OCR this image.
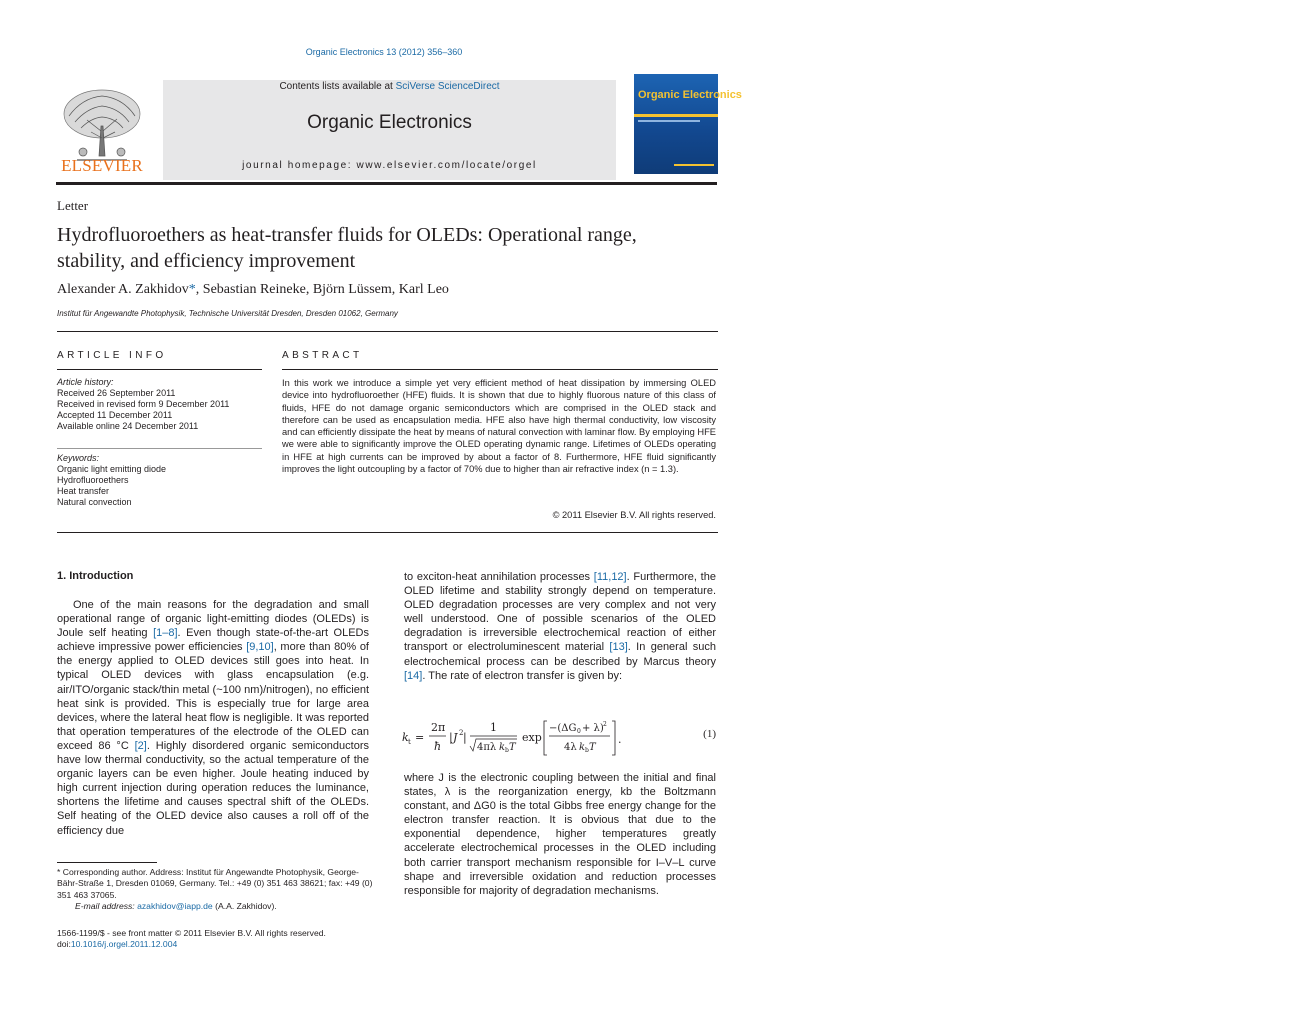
Organic Electronics 13 (2012) 356–360
ELSEVIER
Contents lists available at SciVerse ScienceDirect
Organic Electronics
journal homepage: www.elsevier.com/locate/orgel
Organic Electronics
Letter
Hydrofluoroethers as heat-transfer fluids for OLEDs: Operational range,
stability, and efficiency improvement
Alexander A. Zakhidov*, Sebastian Reineke, Björn Lüssem, Karl Leo
Institut für Angewandte Photophysik, Technische Universität Dresden, Dresden 01062, Germany
ARTICLE INFO
Article history:
Received 26 September 2011
Received in revised form 9 December 2011
Accepted 11 December 2011
Available online 24 December 2011
Keywords:
Organic light emitting diode
Hydrofluoroethers
Heat transfer
Natural convection
ABSTRACT
In this work we introduce a simple yet very efficient method of heat dissipation by immersing OLED device into hydrofluoroether (HFE) fluids. It is shown that due to highly fluorous nature of this class of fluids, HFE do not damage organic semiconductors which are comprised in the OLED stack and therefore can be used as encapsulation media. HFE also have high thermal conductivity, low viscosity and can efficiently dissipate the heat by means of natural convection with laminar flow. By employing HFE we were able to significantly improve the OLED operating dynamic range. Lifetimes of OLEDs operating in HFE at high currents can be improved by about a factor of 8. Furthermore, HFE fluid significantly improves the light outcoupling by a factor of 70% due to higher than air refractive index (n = 1.3).
© 2011 Elsevier B.V. All rights reserved.
1. Introduction

One of the main reasons for the degradation and small operational range of organic light-emitting diodes (OLEDs) is Joule self heating [1–8]. Even though state-of-the-art OLEDs achieve impressive power efficiencies [9,10], more than 80% of the energy applied to OLED devices still goes into heat. In typical OLED devices with glass encapsulation (e.g. air/ITO/organic stack/thin metal (~100 nm)/nitrogen), no efficient heat sink is provided. This is especially true for large area devices, where the lateral heat flow is negligible. It was reported that operation temperatures of the electrode of the OLED can exceed 86 °C [2]. Highly disordered organic semiconductors have low thermal conductivity, so the actual temperature of the organic layers can be even higher. Joule heating induced by high current injection during operation reduces the luminance, shortens the lifetime and causes spectral shift of the OLEDs. Self heating of the OLED device also causes a roll off of the efficiency due

* Corresponding author. Address: Institut für Angewandte Photophysik, George-Bähr-Straße 1, Dresden 01069, Germany. Tel.: +49 (0) 351 463 38621; fax: +49 (0) 351 463 37065.
E-mail address: azakhidov@iapp.de (A.A. Zakhidov).
1566-1199/$ - see front matter © 2011 Elsevier B.V. All rights reserved.
doi:10.1016/j.orgel.2011.12.004

to exciton-heat annihilation processes [11,12]. Furthermore, the OLED lifetime and stability strongly depend on temperature. OLED degradation processes are very complex and not very well understood. One of possible scenarios of the OLED degradation is irreversible electrochemical reaction of either transport or electroluminescent material [13]. In general such electrochemical process can be described by Marcus theory [14]. The rate of electron transfer is given by:

k t =
2π
ħ
| J 2 |
1
4πλ k b T
exp
−(ΔG 0 + λ) 2
4λ k b T
.	(1)

where J is the electronic coupling between the initial and final states, λ is the reorganization energy, kb the Boltzmann constant, and ΔG0 is the total Gibbs free energy change for the electron transfer reaction. It is obvious that due to the exponential dependence, higher temperatures greatly accelerate electrochemical processes in the OLED including both carrier transport mechanism responsible for I–V–L curve shape and irreversible oxidation and reduction processes responsible for majority of degradation mechanisms.
